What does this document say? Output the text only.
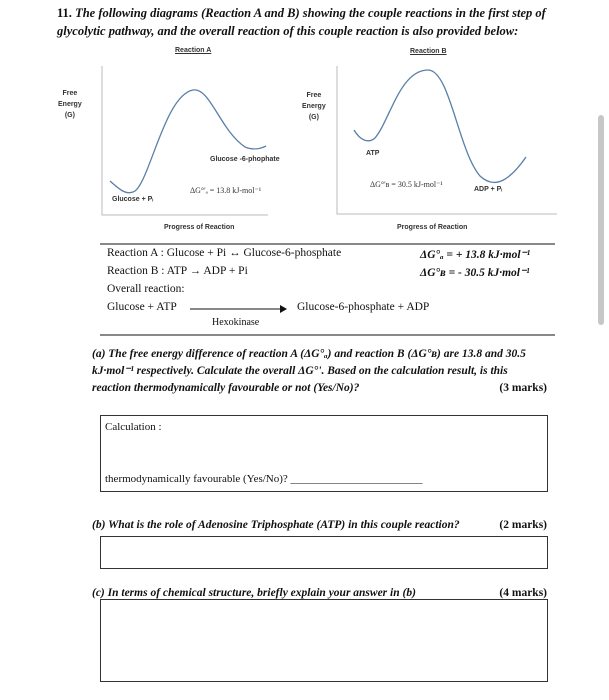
11. The following diagrams (Reaction A and B) showing the couple reactions in the first step of glycolytic pathway, and the overall reaction of this couple reaction is also provided below:
Reaction A
Free
Energy
(G)
Glucose -6-phophate
ΔG°'ₐ = 13.8 kJ-mol⁻¹
Glucose + Pᵢ
Progress of Reaction
Reaction B
Free
Energy
(G)
ATP
ΔG°'ʙ = 30.5 kJ-mol⁻¹
ADP + Pᵢ
Progress of Reaction
Reaction A : Glucose + Pi ↔ Glucose-6-phosphate	ΔG°ₐ = + 13.8 kJ·mol⁻¹
Reaction B : ATP → ADP + Pi	ΔG°ʙ = - 30.5 kJ·mol⁻¹
Overall reaction:
Glucose + ATP	Glucose-6-phosphate + ADP
Hexokinase
(a) The free energy difference of reaction A (ΔG°ₐ) and reaction B (ΔG°ʙ) are 13.8 and 30.5 kJ·mol⁻¹ respectively. Calculate the overall ΔG°'. Based on the calculation result, is this reaction thermodynamically favourable or not (Yes/No)?	(3 marks)
Calculation :
thermodynamically favourable (Yes/No)? ________________________
(b) What is the role of Adenosine Triphosphate (ATP) in this couple reaction?	(2 marks)
(c) In terms of chemical structure, briefly explain your answer in (b)	(4 marks)
